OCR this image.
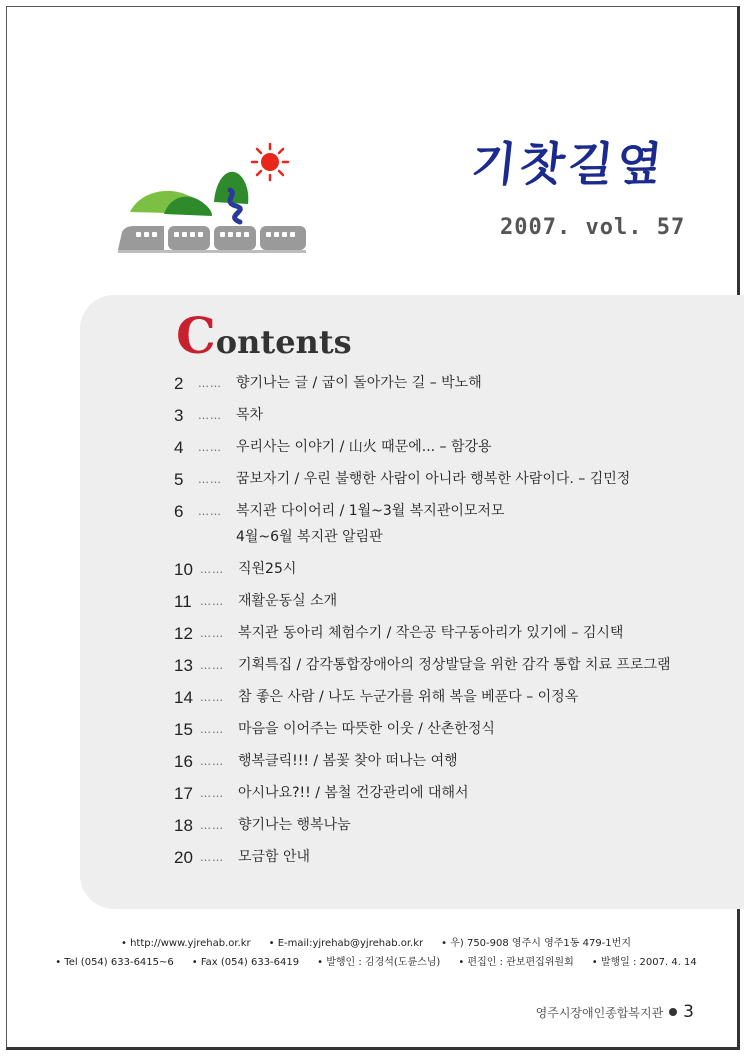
기찻길옆
2007. vol. 57
Contents
2	……	향기나는 글 / 굽이 돌아가는 길 – 박노해
3	……	목차
4	……	우리사는 이야기 / 山火 때문에... – 함강용
5	……	꿈보자기 / 우린 불행한 사람이 아니라 행복한 사람이다. – 김민정
6	……	복지관 다이어리 / 1월~3월 복지관이모저모
4월~6월 복지관 알림판
10 ……	직원25시
11 ……	재활운동실 소개
12 ……	복지관 동아리 체험수기 / 작은공 탁구동아리가 있기에 – 김시택
13 ……	기획특집 / 감각통합장애아의 정상발달을 위한 감각 통합 치료 프로그램
14 ……	참 좋은 사람 / 나도 누군가를 위해 복을 베푼다 – 이정옥
15 ……	마음을 이어주는 따뜻한 이웃 / 산촌한정식
16 ……	행복클릭!!! / 봄꽃 찾아 떠나는 여행
17 ……	아시나요?!! / 봄철 건강관리에 대해서
18 ……	향기나는 행복나눔
20 ……	모금함 안내
• http://www.yjrehab.or.kr • E-mail:yjrehab@yjrehab.or.kr • 우) 750-908 영주시 영주1동 479-1번지
• Tel (054) 633-6415~6 • Fax (054) 633-6419 • 발행인 : 김경석(도륜스님) • 편집인 : 관보편집위원회 • 발행일 : 2007. 4. 14
영주시장애인종합복지관 3
